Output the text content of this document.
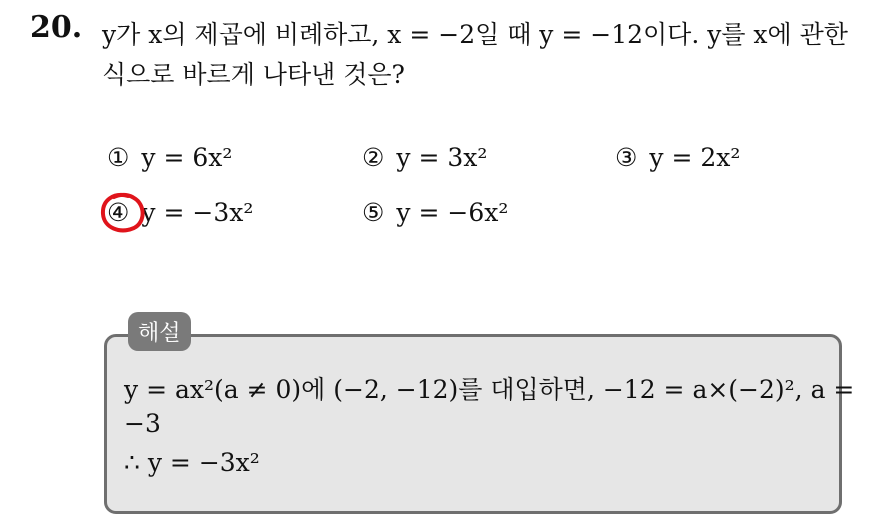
20. y가 x의 제곱에 비례하고, x = −2일 때 y = −12이다. y를 x에 관한
식으로 바르게 나타낸 것은?
① y = 6x²	② y = 3x²	③ y = 2x²
④ y = −3x²	⑤ y = −6x²
해설
y = ax²(a ≠ 0)에 (−2, −12)를 대입하면, −12 = a×(−2)², a =
−3
∴ y = −3x²
